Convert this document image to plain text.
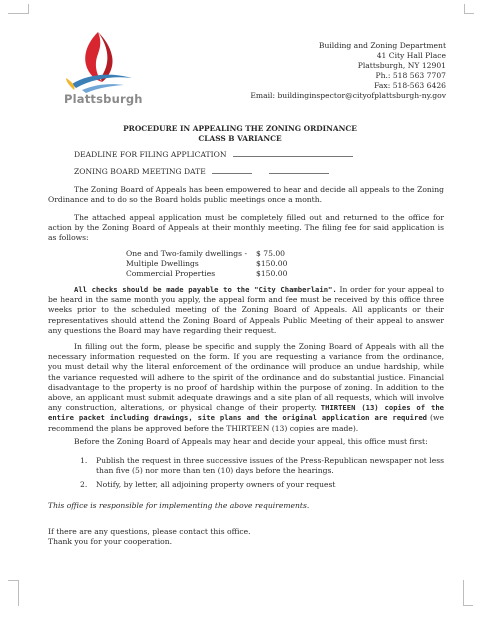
Plattsburgh
Building and Zoning Department
41 City Hall Place
Plattsburgh, NY 12901
Ph.: 518 563 7707
Fax: 518-563 6426
Email: buildinginspector@cityofplattsburgh-ny.gov
PROCEDURE IN APPEALING THE ZONING ORDINANCE
CLASS B VARIANCE
DEADLINE FOR FILING APPLICATION
ZONING BOARD MEETING DATE
The Zoning Board of Appeals has been empowered to hear and decide all appeals to the Zoning Ordinance and to do so the Board holds public meetings once a month.
The attached appeal application must be completely filled out and returned to the office for action by the Zoning Board of Appeals at their monthly meeting. The filing fee for said application is as follows:
One and Two-family dwellings - $ 75.00
Multiple Dwellings	$150.00
Commercial Properties	$150.00
All checks should be made payable to the "City Chamberlain". In order for your appeal to be heard in the same month you apply, the appeal form and fee must be received by this office three weeks prior to the scheduled meeting of the Zoning Board of Appeals. All applicants or their representatives should attend the Zoning Board of Appeals Public Meeting of their appeal to answer any questions the Board may have regarding their request.
In filling out the form, please be specific and supply the Zoning Board of Appeals with all the necessary information requested on the form. If you are requesting a variance from the ordinance, you must detail why the literal enforcement of the ordinance will produce an undue hardship, while the variance requested will adhere to the spirit of the ordinance and do substantial justice. Financial disadvantage to the property is no proof of hardship within the purpose of zoning. In addition to the above, an applicant must submit adequate drawings and a site plan of all requests, which will involve any construction, alterations, or physical change of their property. THIRTEEN (13) copies of the entire packet including drawings, site plans and the original application are required (we recommend the plans be approved before the THIRTEEN (13) copies are made).
Before the Zoning Board of Appeals may hear and decide your appeal, this office must first:
1. Publish the request in three successive issues of the Press-Republican newspaper not less than five (5) nor more than ten (10) days before the hearings.
2. Notify, by letter, all adjoining property owners of your request
This office is responsible for implementing the above requirements.
If there are any questions, please contact this office.
Thank you for your cooperation.
